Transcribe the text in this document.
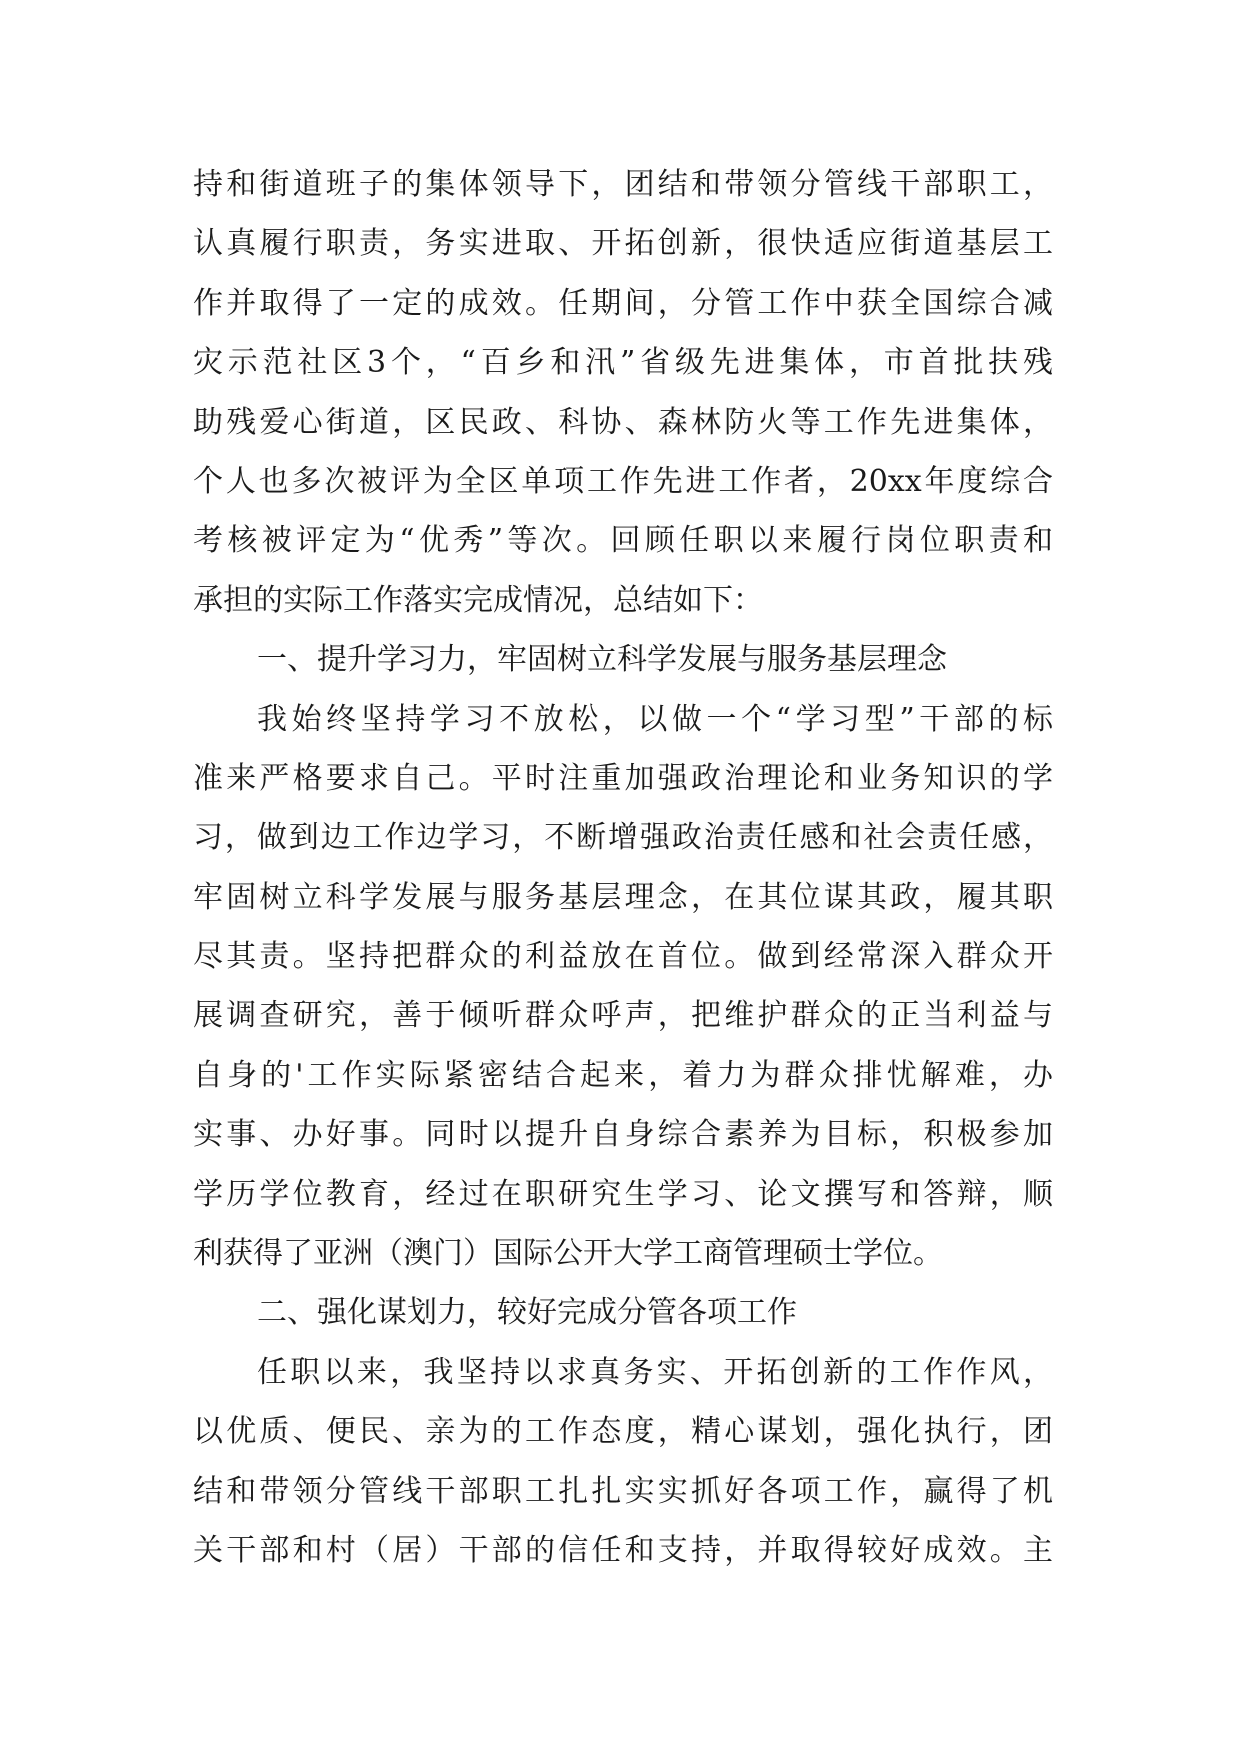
持和街道班子的集体领导下，团结和带领分管线干部职工，
认真履行职责，务实进取、开拓创新，很快适应街道基层工
作并取得了一定的成效。任期间，分管工作中获全国综合减
灾示范社区3个，“百乡和汛”省级先进集体，市首批扶残
助残爱心街道，区民政、科协、森林防火等工作先进集体，
个人也多次被评为全区单项工作先进工作者，20xx年度综合
考核被评定为“优秀”等次。回顾任职以来履行岗位职责和
承担的实际工作落实完成情况，总结如下：
一、提升学习力，牢固树立科学发展与服务基层理念
我始终坚持学习不放松，以做一个“学习型”干部的标
准来严格要求自己。平时注重加强政治理论和业务知识的学
习，做到边工作边学习，不断增强政治责任感和社会责任感，
牢固树立科学发展与服务基层理念，在其位谋其政，履其职
尽其责。坚持把群众的利益放在首位。做到经常深入群众开
展调查研究，善于倾听群众呼声，把维护群众的正当利益与
自身的'工作实际紧密结合起来，着力为群众排忧解难，办
实事、办好事。同时以提升自身综合素养为目标，积极参加
学历学位教育，经过在职研究生学习、论文撰写和答辩，顺
利获得了亚洲（澳门）国际公开大学工商管理硕士学位。
二、强化谋划力，较好完成分管各项工作
任职以来，我坚持以求真务实、开拓创新的工作作风，
以优质、便民、亲为的工作态度，精心谋划，强化执行，团
结和带领分管线干部职工扎扎实实抓好各项工作，赢得了机
关干部和村（居）干部的信任和支持，并取得较好成效。主
